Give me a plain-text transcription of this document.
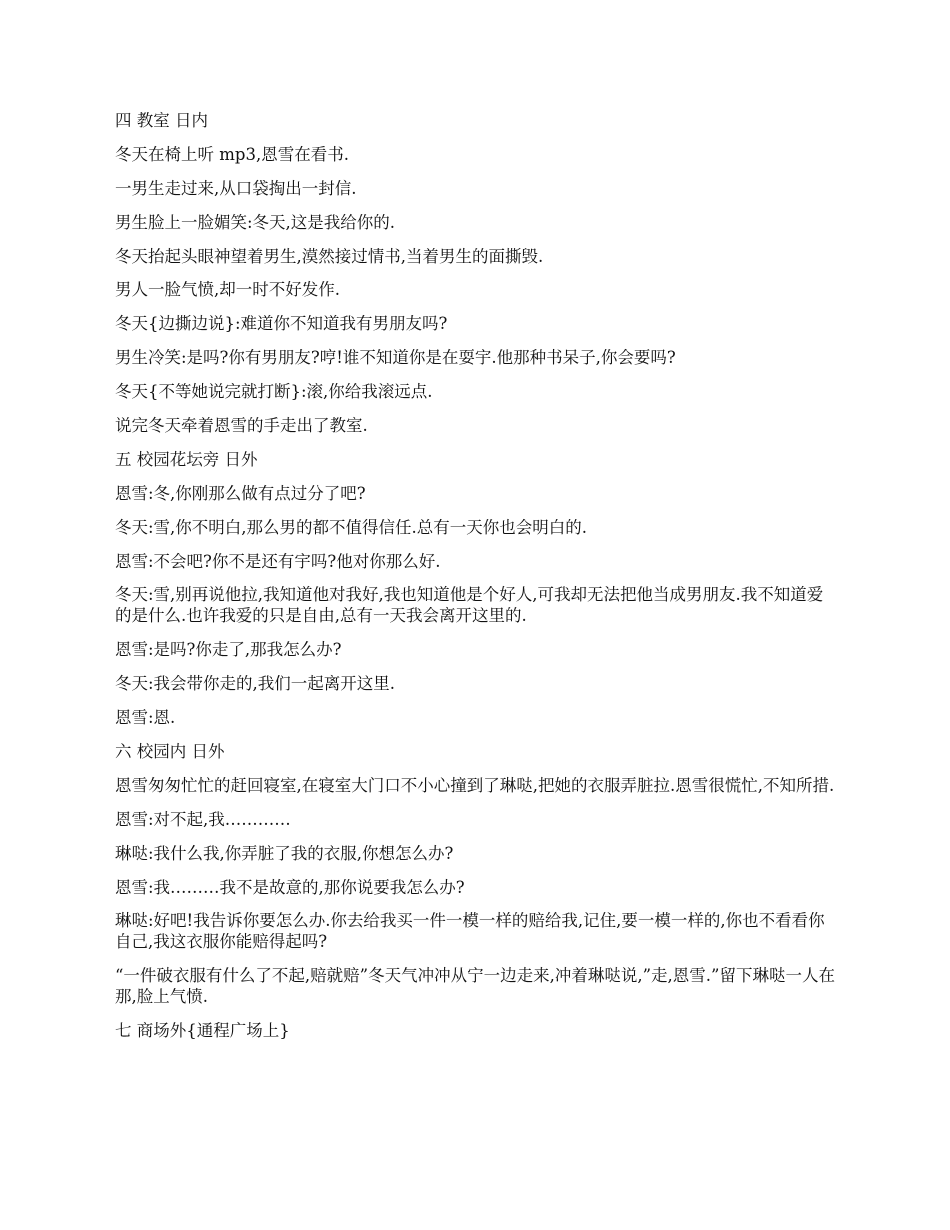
四 教室 日内

冬天在椅上听 mp3,恩雪在看书.

一男生走过来,从口袋掏出一封信.

男生脸上一脸媚笑:冬天,这是我给你的.

冬天抬起头眼神望着男生,漠然接过情书,当着男生的面撕毁.

男人一脸气愤,却一时不好发作.

冬天{边撕边说}:难道你不知道我有男朋友吗?

男生冷笑:是吗?你有男朋友?哼!谁不知道你是在耍宇.他那种书呆子,你会要吗?

冬天{不等她说完就打断}:滚,你给我滚远点.

说完冬天牵着恩雪的手走出了教室.

五 校园花坛旁 日外

恩雪:冬,你刚那么做有点过分了吧?

冬天:雪,你不明白,那么男的都不值得信任.总有一天你也会明白的.

恩雪:不会吧?你不是还有宇吗?他对你那么好.

冬天:雪,别再说他拉,我知道他对我好,我也知道他是个好人,可我却无法把他当成男朋友.我不知道爱的是什么.也许我爱的只是自由,总有一天我会离开这里的.

恩雪:是吗?你走了,那我怎么办?

冬天:我会带你走的,我们一起离开这里.

恩雪:恩.

六 校园内 日外

恩雪匆匆忙忙的赶回寝室,在寝室大门口不小心撞到了琳哒,把她的衣服弄脏拉.恩雪很慌忙,不知所措.

恩雪:对不起,我…………

琳哒:我什么我,你弄脏了我的衣服,你想怎么办?

恩雪:我………我不是故意的,那你说要我怎么办?

琳哒:好吧!我告诉你要怎么办.你去给我买一件一模一样的赔给我,记住,要一模一样的,你也不看看你自己,我这衣服你能赔得起吗?

“一件破衣服有什么了不起,赔就赔”冬天气冲冲从宁一边走来,冲着琳哒说,”走,恩雪.”留下琳哒一人在那,脸上气愤.

七 商场外{通程广场上}
